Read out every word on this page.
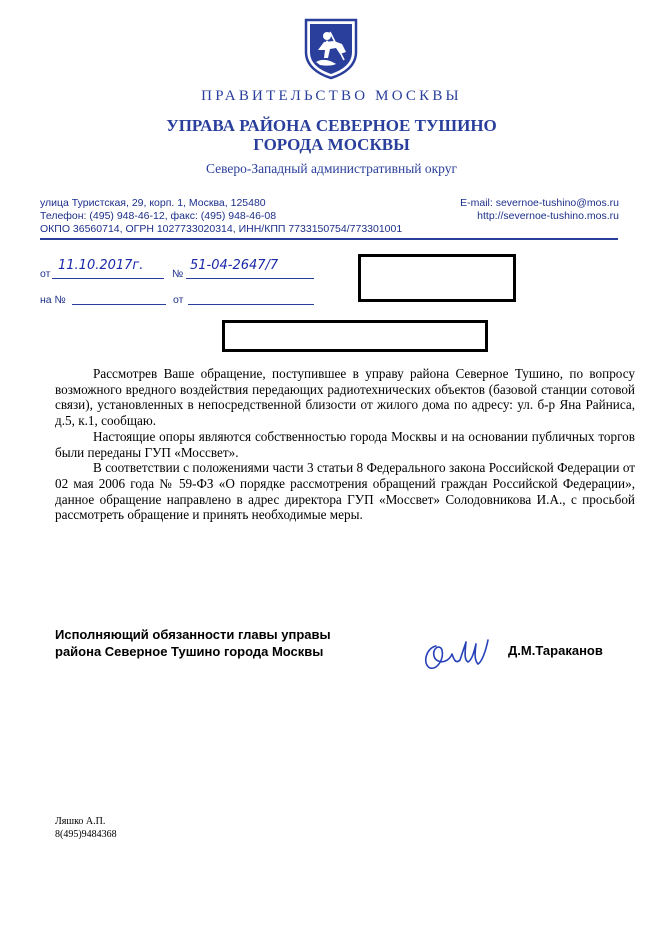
ПРАВИТЕЛЬСТВО МОСКВЫ
УПРАВА РАЙОНА СЕВЕРНОЕ ТУШИНО
ГОРОДА МОСКВЫ
Северо-Западный административный округ
улица Туристская, 29, корп. 1, Москва, 125480
Телефон: (495) 948-46-12, факс: (495) 948-46-08
ОКПО 36560714, ОГРН 1027733020314, ИНН/КПП 7733150754/773301001
E-mail: severnoe-tushino@mos.ru
http://severnoe-tushino.mos.ru
от
11.10.2017г.
№
51-04-2647/7
на №	от

Рассмотрев Ваше обращение, поступившее в управу района Северное Тушино, по вопросу возможного вредного воздействия передающих радиотехнических объектов (базовой станции сотовой связи), установленных в непосредственной близости от жилого дома по адресу: ул. б-р Яна Райниса, д.5, к.1, сообщаю.

Настоящие опоры являются собственностью города Москвы и на основании публичных торгов были переданы ГУП «Моссвет».

В соответствии с положениями части 3 статьи 8 Федерального закона Российской Федерации от 02 мая 2006 года № 59-ФЗ «О порядке рассмотрения обращений граждан Российской Федерации», данное обращение направлено в адрес директора ГУП «Моссвет» Солодовникова И.А., с просьбой рассмотреть обращение и принять необходимые меры.

Исполняющий обязанности главы управы
района Северное Тушино города Москвы	Д.М.Тараканов
Ляшко А.П.
8(495)9484368
